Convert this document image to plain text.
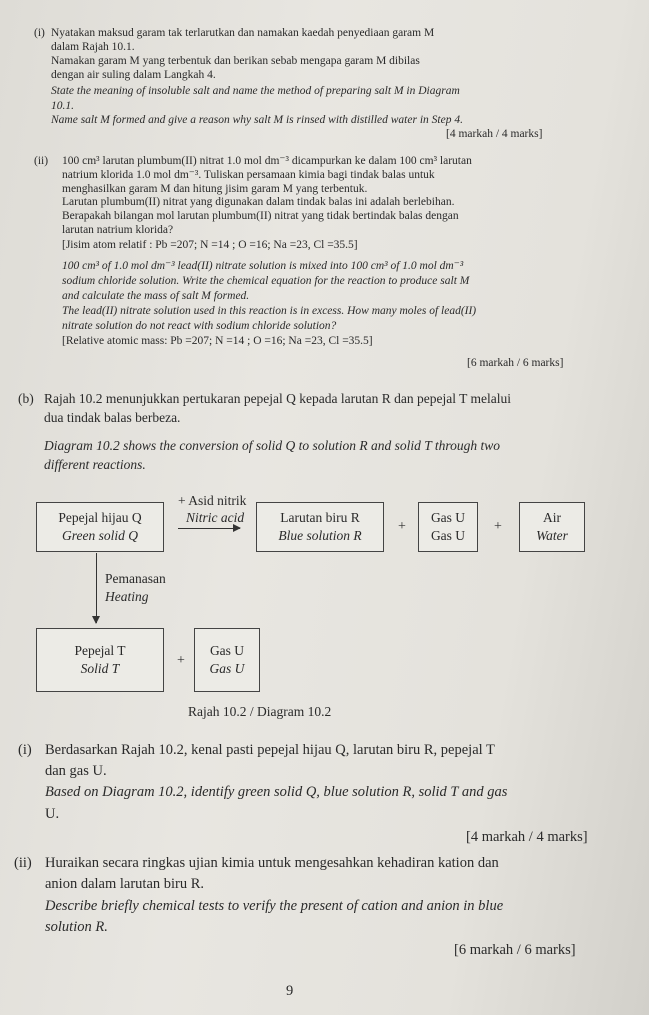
(i) Nyatakan maksud garam tak terlarutkan dan namakan kaedah penyediaan garam M
dalam Rajah 10.1.
Namakan garam M yang terbentuk dan berikan sebab mengapa garam M dibilas
dengan air suling dalam Langkah 4.
State the meaning of insoluble salt and name the method of preparing salt M in Diagram
10.1.
Name salt M formed and give a reason why salt M is rinsed with distilled water in Step 4.
[4 markah / 4 marks]
(ii) 100 cm³ larutan plumbum(II) nitrat 1.0 mol dm⁻³ dicampurkan ke dalam 100 cm³ larutan
natrium klorida 1.0 mol dm⁻³. Tuliskan persamaan kimia bagi tindak balas untuk
menghasilkan garam M dan hitung jisim garam M yang terbentuk.
Larutan plumbum(II) nitrat yang digunakan dalam tindak balas ini adalah berlebihan.
Berapakah bilangan mol larutan plumbum(II) nitrat yang tidak bertindak balas dengan
larutan natrium klorida?
[Jisim atom relatif : Pb =207; N =14 ; O =16; Na =23, Cl =35.5]
100 cm³ of 1.0 mol dm⁻³ lead(II) nitrate solution is mixed into 100 cm³ of 1.0 mol dm⁻³
sodium chloride solution. Write the chemical equation for the reaction to produce salt M
and calculate the mass of salt M formed.
The lead(II) nitrate solution used in this reaction is in excess. How many moles of lead(II)
nitrate solution do not react with sodium chloride solution?
[Relative atomic mass: Pb =207; N =14 ; O =16; Na =23, Cl =35.5]
[6 markah / 6 marks]
(b) Rajah 10.2 menunjukkan pertukaran pepejal Q kepada larutan R dan pepejal T melalui
dua tindak balas berbeza.
Diagram 10.2 shows the conversion of solid Q to solution R and solid T through two
different reactions.
Pepejal hijau Q
Green solid Q
+ Asid nitrik
Nitric acid	Larutan biru R
Blue solution R
+
Gas U
Gas U
+
Air
Water
Pemanasan
Heating
Pepejal T
Solid T
+
Gas U
Gas U
Rajah 10.2 / Diagram 10.2
(i) Berdasarkan Rajah 10.2, kenal pasti pepejal hijau Q, larutan biru R, pepejal T
dan gas U.
Based on Diagram 10.2, identify green solid Q, blue solution R, solid T and gas
U.
[4 markah / 4 marks]
(ii) Huraikan secara ringkas ujian kimia untuk mengesahkan kehadiran kation dan
anion dalam larutan biru R.
Describe briefly chemical tests to verify the present of cation and anion in blue
solution R.
[6 markah / 6 marks]
9
